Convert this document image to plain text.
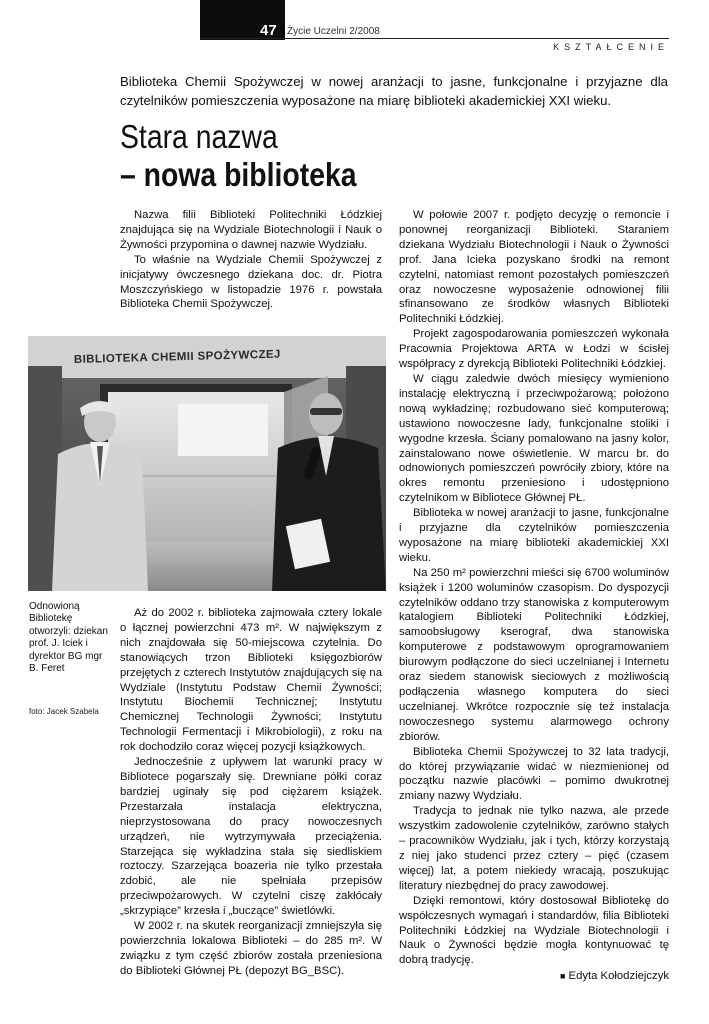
47 Życie Uczelni 2/2008
KSZTAŁCENIE
Biblioteka Chemii Spożywczej w nowej aranżacji to jasne, funkcjonalne i przyjazne dla czytelników pomieszczenia wyposażone na miarę biblioteki akademickiej XXI wieku.
Stara nazwa
– nowa biblioteka

Nazwa filii Biblioteki Politechniki Łódzkiej znajdująca się na Wydziale Biotechnologii i Nauk o Żywności przypomina o dawnej nazwie Wydziału.

To właśnie na Wydziale Chemii Spożywczej z inicjatywy ówczesnego dziekana doc. dr. Piotra Moszczyńskiego w listopadzie 1976 r. powstała Biblioteka Chemii Spożywczej.

BIBLIOTEKA CHEMII SPOŻYWCZEJ
Odnowioną Bibliotekę otworzyli: dziekan prof. J. Iciek i dyrektor BG mgr B. Feret
foto: Jacek Szabela

Aż do 2002 r. biblioteka zajmowała cztery lokale o łącznej powierzchni 473 m². W największym z nich znajdowała się 50-miejscowa czytelnia. Do stanowiących trzon Biblioteki księgozbiorów przejętych z czterech Instytutów znajdujących się na Wydziale (Instytutu Podstaw Chemii Żywności; Instytutu Biochemii Technicznej; Instytutu Chemicznej Technologii Żywności; Instytutu Technologii Fermentacji i Mikrobiologii), z roku na rok dochodziło coraz więcej pozycji książkowych.

Jednocześnie z upływem lat warunki pracy w Bibliotece pogarszały się. Drewniane półki coraz bardziej uginały się pod ciężarem książek. Przestarzała instalacja elektryczna, nieprzystosowana do pracy nowoczesnych urządzeń, nie wytrzymywała przeciążenia. Starzejąca się wykładzina stała się siedliskiem roztoczy. Szarzejąca boazeria nie tylko przestała zdobić, ale nie spełniała przepisów przeciwpożarowych. W czytelni ciszę zakłócały „skrzypiące” krzesła i „buczące” świetlówki.

W 2002 r. na skutek reorganizacji zmniejszyła się powierzchnia lokalowa Biblioteki – do 285 m². W związku z tym część zbiorów została przeniesiona do Biblioteki Głównej PŁ (depozyt BG_BSC).

W połowie 2007 r. podjęto decyzję o remoncie i ponownej reorganizacji Biblioteki. Staraniem dziekana Wydziału Biotechnologii i Nauk o Żywności prof. Jana Icieka pozyskano środki na remont czytelni, natomiast remont pozostałych pomieszczeń oraz nowoczesne wyposażenie odnowionej filii sfinansowano ze środków własnych Biblioteki Politechniki Łódzkiej.

Projekt zagospodarowania pomieszczeń wykonała Pracownia Projektowa ARTA w Łodzi w ścisłej współpracy z dyrekcją Biblioteki Politechniki Łódzkiej.

W ciągu zaledwie dwóch miesięcy wymieniono instalację elektryczną i przeciwpożarową; położono nową wykładzinę; rozbudowano sieć komputerową; ustawiono nowoczesne lady, funkcjonalne stoliki i wygodne krzesła. Ściany pomalowano na jasny kolor, zainstalowano nowe oświetlenie. W marcu br. do odnowionych pomieszczeń powróciły zbiory, które na okres remontu przeniesiono i udostępniono czytelnikom w Bibliotece Głównej PŁ.

Biblioteka w nowej aranżacji to jasne, funkcjonalne i przyjazne dla czytelników pomieszczenia wyposażone na miarę biblioteki akademickiej XXI wieku.

Na 250 m² powierzchni mieści się 6700 woluminów książek i 1200 woluminów czasopism. Do dyspozycji czytelników oddano trzy stanowiska z komputerowym katalogiem Biblioteki Politechniki Łódzkiej, samoobsługowy kserograf, dwa stanowiska komputerowe z podstawowym oprogramowaniem biurowym podłączone do sieci uczelnianej i Internetu oraz siedem stanowisk sieciowych z możliwością podłączenia własnego komputera do sieci uczelnianej. Wkrótce rozpocznie się też instalacja nowoczesnego systemu alarmowego ochrony zbiorów.

Biblioteka Chemii Spożywczej to 32 lata tradycji, do której przywiązanie widać w niezmienionej od początku nazwie placówki – pomimo dwukrotnej zmiany nazwy Wydziału.

Tradycja to jednak nie tylko nazwa, ale przede wszystkim zadowolenie czytelników, zarówno stałych – pracowników Wydziału, jak i tych, którzy korzystają z niej jako studenci przez cztery – pięć (czasem więcej) lat, a potem niekiedy wracają, poszukując literatury niezbędnej do pracy zawodowej.

Dzięki remontowi, który dostosował Bibliotekę do współczesnych wymagań i standardów, filia Biblioteki Politechniki Łódzkiej na Wydziale Biotechnologii i Nauk o Żywności będzie mogła kontynuować tę dobrą tradycję.

■ Edyta Kołodziejczyk
